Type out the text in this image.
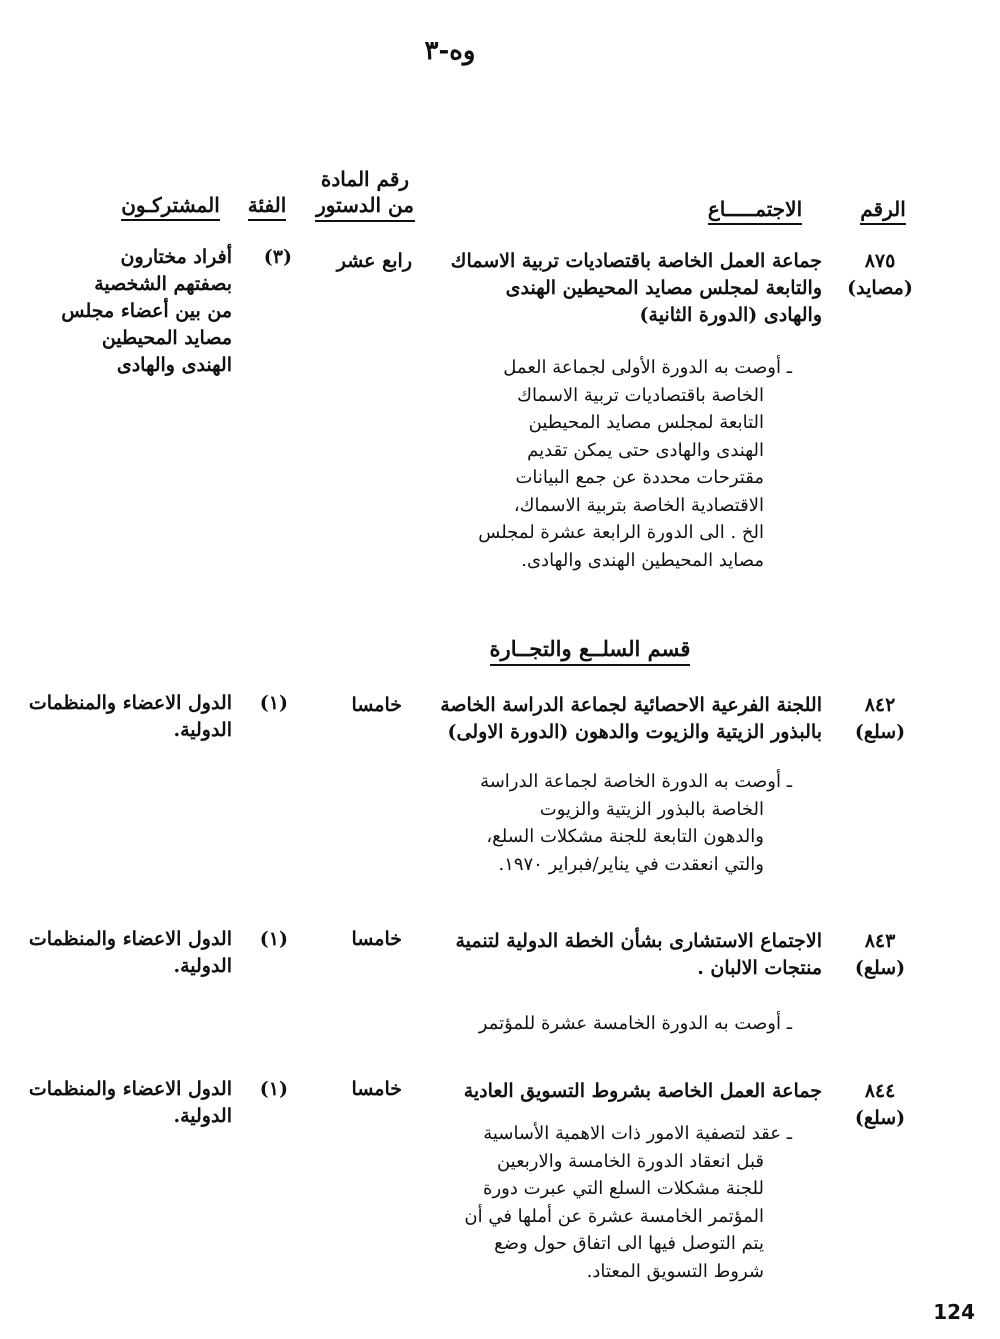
وه-٣
الرقم
الاجتمـــــاع
رقم المادة
من الدستور
الفئة
المشتركـون
٨٧٥
(مصايد)
جماعة العمل الخاصة باقتصاديات تربية الاسماك
والتابعة لمجلس مصايد المحيطين الهندى
والهادى (الدورة الثانية)
رابع عشر
(٣)
أفراد مختارون
بصفتهم الشخصية
من بين أعضاء مجلس
مصايد المحيطين
الهندى والهادى	ـ أوصت به الدورة الأولى لجماعة العمل
الخاصة باقتصاديات تربية الاسماك
التابعة لمجلس مصايد المحيطين
الهندى والهادى حتى يمكن تقديم
مقترحات محددة عن جمع البيانات
الاقتصادية الخاصة بتربية الاسماك،
الخ . الى الدورة الرابعة عشرة لمجلس
مصايد المحيطين الهندى والهادى.
قسم السلــع والتجــارة
٨٤٢
(سلع)
اللجنة الفرعية الاحصائية لجماعة الدراسة الخاصة
بالبذور الزيتية والزيوت والدهون (الدورة الاولى)
خامسا
(١)
الدول الاعضاء والمنظمات
الدولية.
ـ أوصت به الدورة الخاصة لجماعة الدراسة
الخاصة بالبذور الزيتية والزيوت
والدهون التابعة للجنة مشكلات السلع،
والتي انعقدت في يناير/فبراير ١٩٧٠.
٨٤٣
(سلع)
الاجتماع الاستشارى بشأن الخطة الدولية لتنمية
منتجات الالبان .
خامسا
(١)
الدول الاعضاء والمنظمات
الدولية.
ـ أوصت به الدورة الخامسة عشرة للمؤتمر
٨٤٤
(سلع)
جماعة العمل الخاصة بشروط التسويق العادية
خامسا
(١)
الدول الاعضاء والمنظمات
الدولية.
ـ عقد لتصفية الامور ذات الاهمية الأساسية
قبل انعقاد الدورة الخامسة والاربعين
للجنة مشكلات السلع التي عبرت دورة
المؤتمر الخامسة عشرة عن أملها في أن
يتم التوصل فيها الى اتفاق حول وضع
شروط التسويق المعتاد.
124
